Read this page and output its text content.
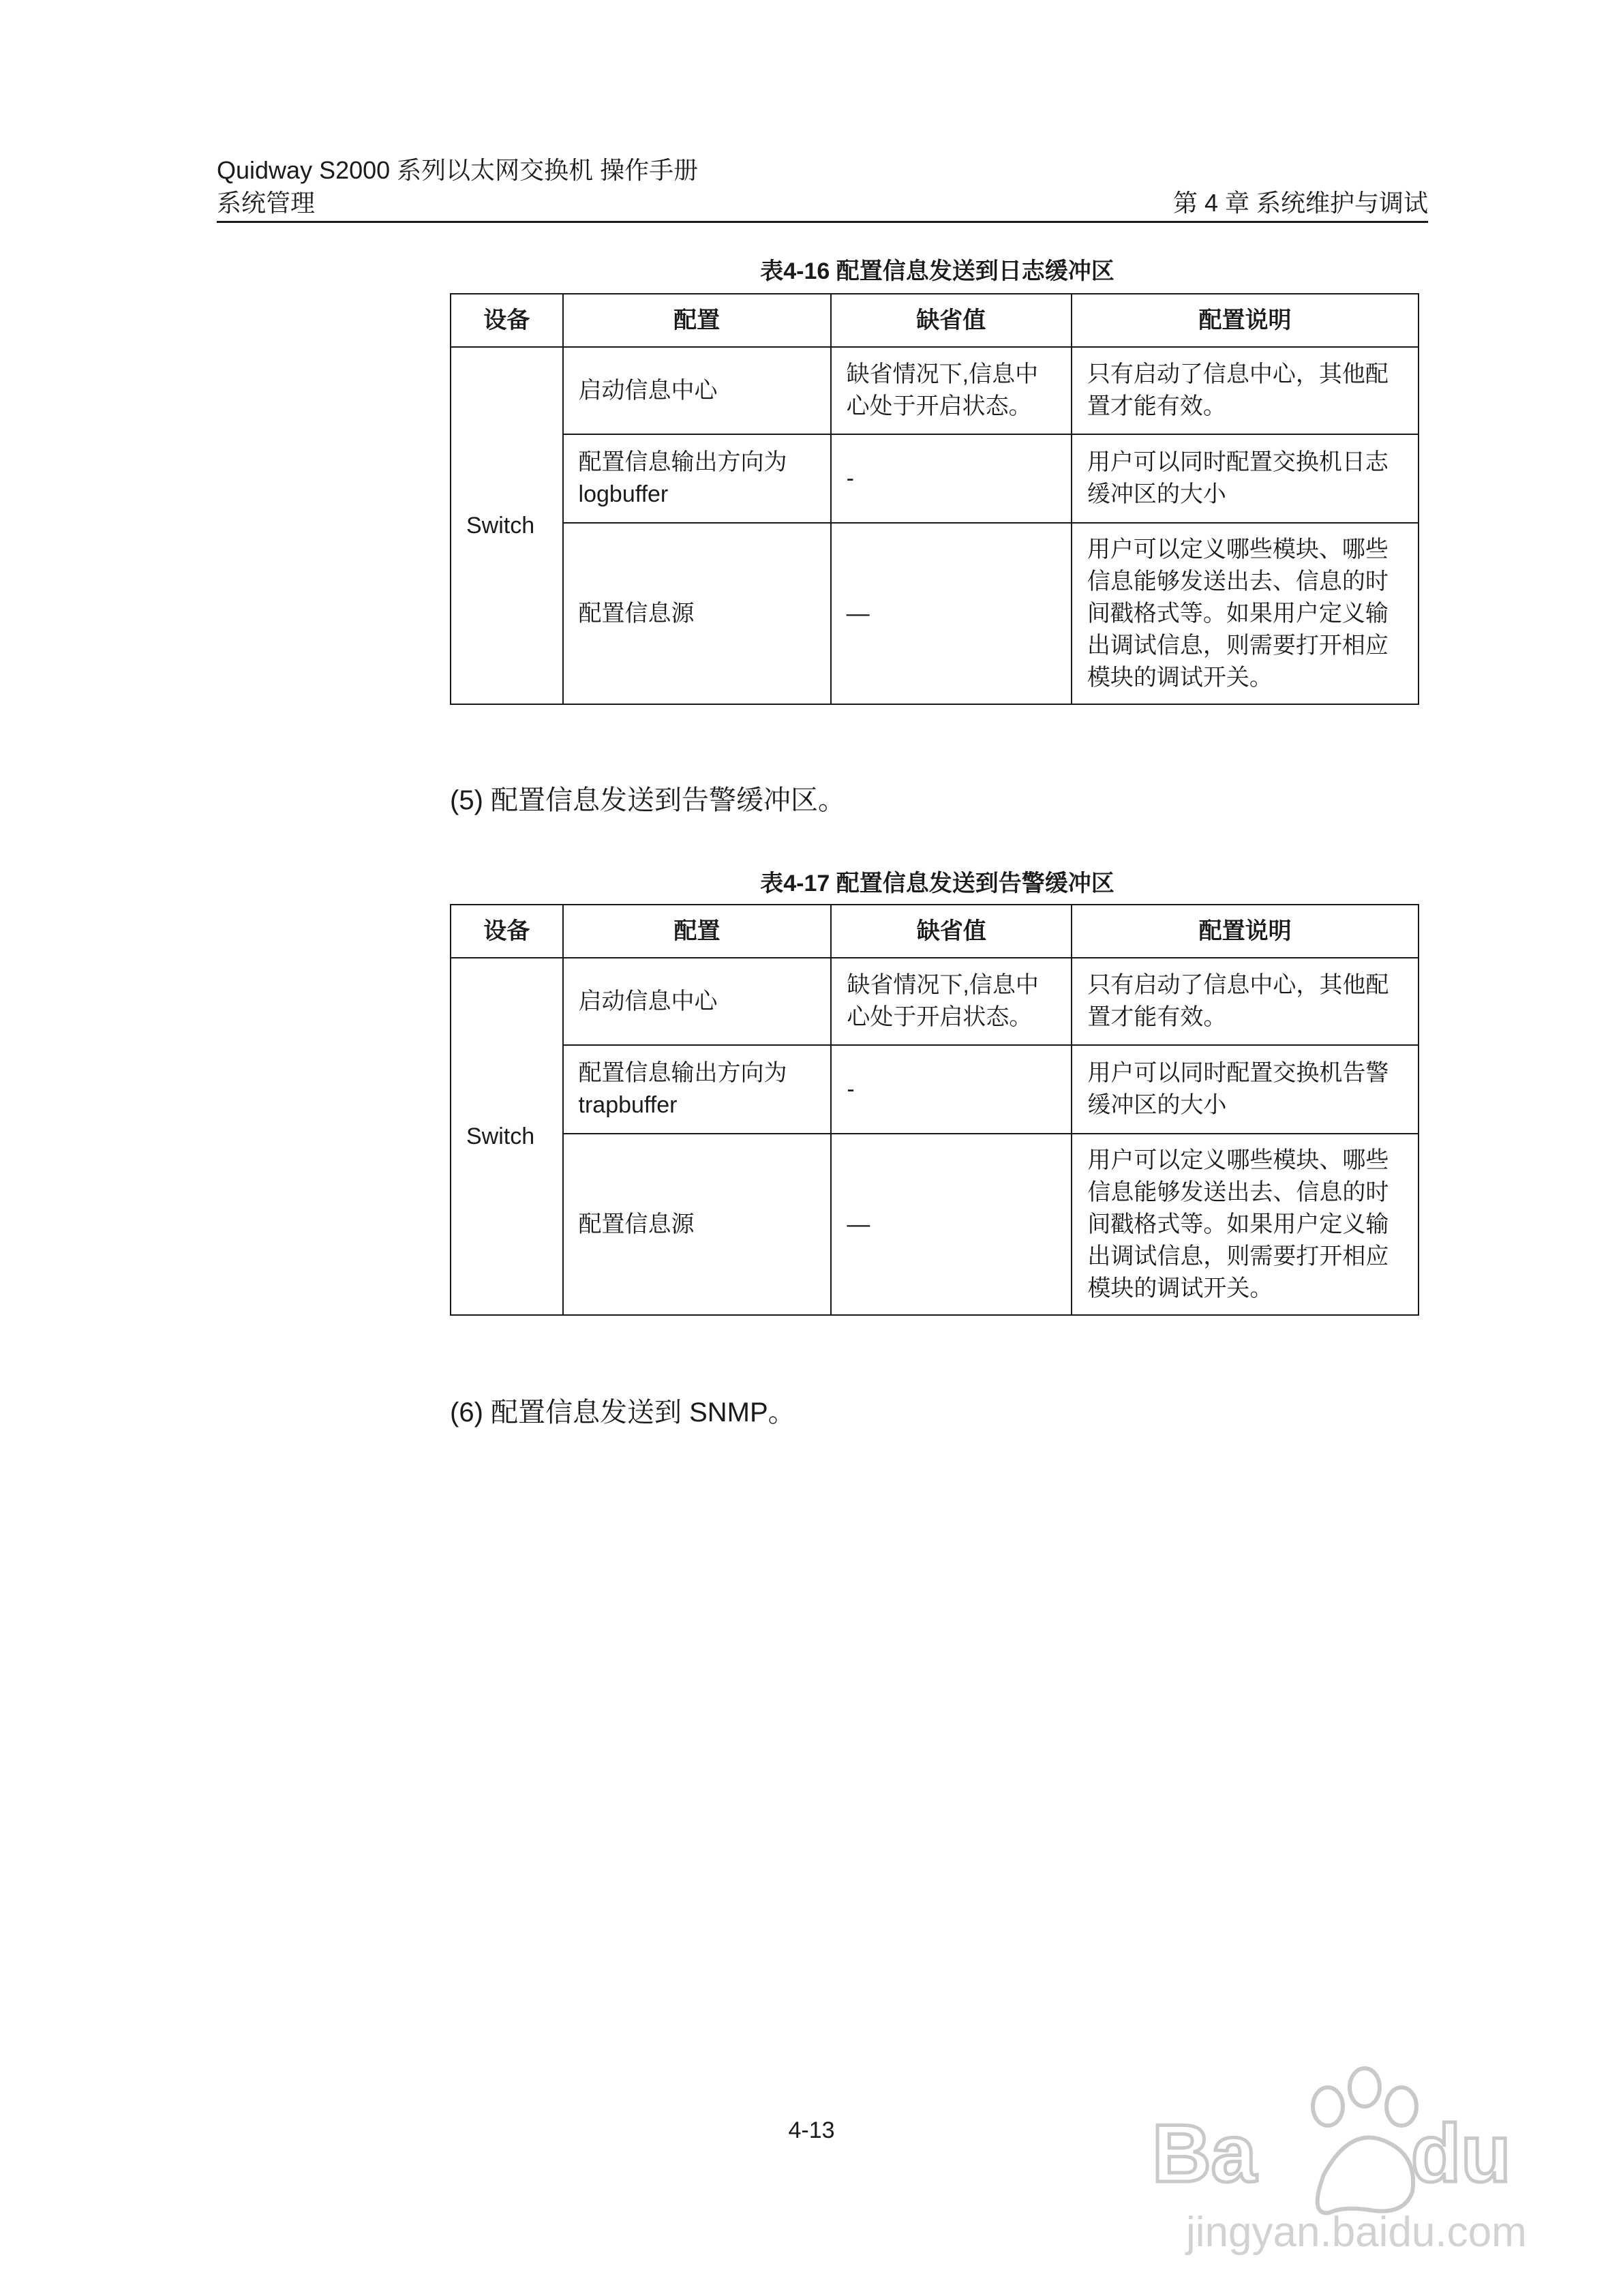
Quidway S2000 系列以太网交换机 操作手册
系统管理	第 4 章 系统维护与调试
表4-16 配置信息发送到日志缓冲区
设备	配置	缺省值	配置说明
Switch	启动信息中心	缺省情况下,信息中心处于开启状态。	只有启动了信息中心，其他配置才能有效。
	配置信息输出方向为 logbuffer	-	用户可以同时配置交换机日志缓冲区的大小
	配置信息源	—	用户可以定义哪些模块、哪些信息能够发送出去、信息的时间戳格式等。如果用户定义输出调试信息，则需要打开相应模块的调试开关。
(5) 配置信息发送到告警缓冲区。
表4-17 配置信息发送到告警缓冲区
设备	配置	缺省值	配置说明
Switch	启动信息中心	缺省情况下,信息中心处于开启状态。	只有启动了信息中心，其他配置才能有效。
	配置信息输出方向为 trapbuffer	-	用户可以同时配置交换机告警缓冲区的大小
	配置信息源	—	用户可以定义哪些模块、哪些信息能够发送出去、信息的时间戳格式等。如果用户定义输出调试信息，则需要打开相应模块的调试开关。
(6) 配置信息发送到 SNMP。
4-13	Ba du
jingyan.baidu.com
